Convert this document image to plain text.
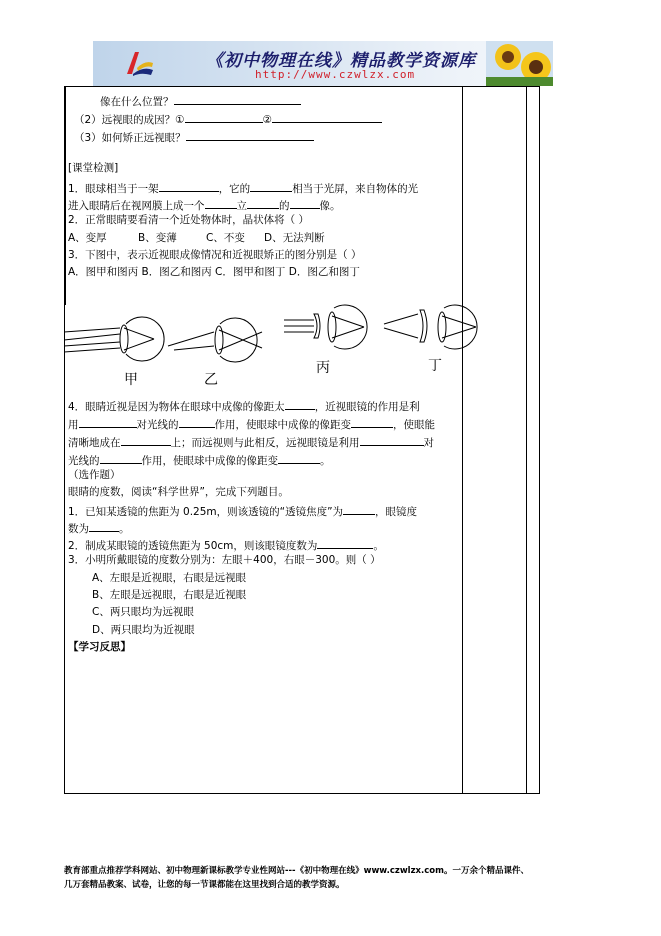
《初中物理在线》精品教学资源库
http://www.czwlzx.com
像在什么位置？
（2）远视眼的成因？①	②
（3）如何矫正远视眼？
[课堂检测]
1．眼球相当于一架	，它的	相当于光屏，来自物体的光
进入眼睛后在视网膜上成一个	立	的	像。
2．正常眼睛要看清一个近处物体时，晶状体将（ ）
A、变厚	B、变薄	C、不变 D、无法判断
3．下图中，表示近视眼成像情况和近视眼矫正的图分别是（ ）
A．图甲和图丙 B．图乙和图丙 C．图甲和图丁 D．图乙和图丁
甲	乙
丙	丁
4．眼睛近视是因为物体在眼球中成像的像距太	，近视眼镜的作用是利
用	对光线的	作用，使眼球中成像的像距变	，使眼能
清晰地成在	上；而远视则与此相反，远视眼镜是利用	对
光线的	作用，使眼球中成像的像距变	。
（选作题）
眼睛的度数，阅读“科学世界”，完成下列题目。
1．已知某透镜的焦距为 0.25m，则该透镜的“透镜焦度”为	，眼镜度
数为	。
2．制成某眼镜的透镜焦距为 50cm，则该眼镜度数为	。
3．小明所戴眼镜的度数分别为：左眼＋400，右眼－300。则（ ）
A、左眼是近视眼，右眼是远视眼
B、左眼是远视眼，右眼是近视眼
C、两只眼均为远视眼
D、两只眼均为近视眼
【学习反思】
教育部重点推荐学科网站、初中物理新课标教学专业性网站---《初中物理在线》www.czwlzx.com。一万余个精品课件、
几万套精品教案、试卷，让您的每一节课都能在这里找到合适的教学资源。
